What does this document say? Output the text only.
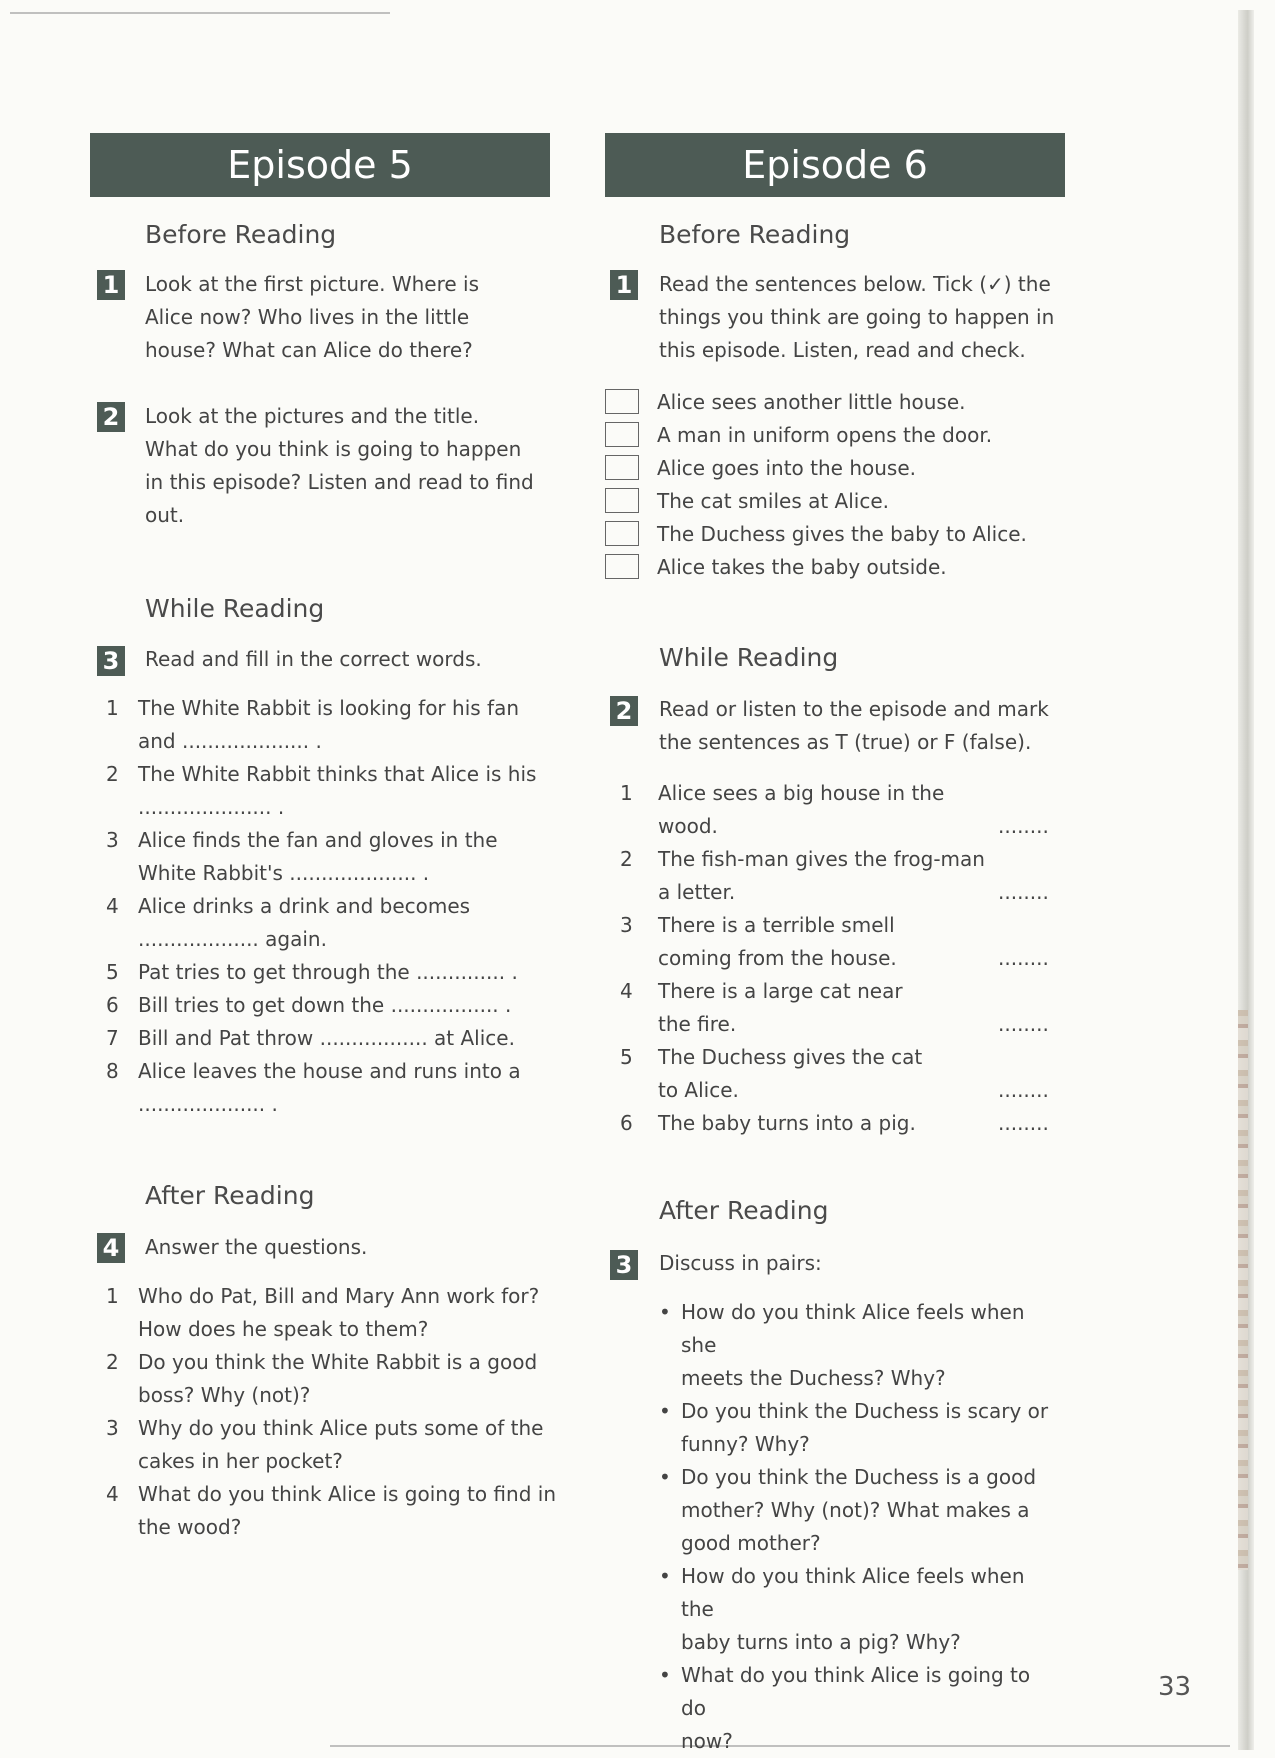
Episode 5
Before Reading
1 Look at the first picture. Where is
Alice now? Who lives in the little
house? What can Alice do there?
2 Look at the pictures and the title.
What do you think is going to happen
in this episode? Listen and read to find
out.
While Reading
3 Read and fill in the correct words.
1 The White Rabbit is looking for his fan
and .................... .
2 The White Rabbit thinks that Alice is his
..................... .
3 Alice finds the fan and gloves in the
White Rabbit's .................... .
4 Alice drinks a drink and becomes
................... again.
5 Pat tries to get through the .............. .
6 Bill tries to get down the ................. .
7 Bill and Pat throw ................. at Alice.
8 Alice leaves the house and runs into a
.................... .
After Reading
4 Answer the questions.
1 Who do Pat, Bill and Mary Ann work for?
How does he speak to them?
2 Do you think the White Rabbit is a good
boss? Why (not)?
3 Why do you think Alice puts some of the
cakes in her pocket?
4 What do you think Alice is going to find in
the wood?
Episode 6
Before Reading
1 Read the sentences below. Tick (✓) the
things you think are going to happen in
this episode. Listen, read and check.
Alice sees another little house.
A man in uniform opens the door.
Alice goes into the house.
The cat smiles at Alice.
The Duchess gives the baby to Alice.
Alice takes the baby outside.
While Reading
2 Read or listen to the episode and mark
the sentences as T (true) or F (false).
1 Alice sees a big house in the
wood.	........
2 The fish-man gives the frog-man
a letter.	........
3 There is a terrible smell
coming from the house.	........
4 There is a large cat near
the fire.	........
5 The Duchess gives the cat
to Alice.	........
6 The baby turns into a pig.	........
After Reading
3 Discuss in pairs:
• How do you think Alice feels when she
meets the Duchess? Why?
• Do you think the Duchess is scary or
funny? Why?
• Do you think the Duchess is a good
mother? Why (not)? What makes a
good mother?
• How do you think Alice feels when the
baby turns into a pig? Why?
• What do you think Alice is going to do
now?
33
